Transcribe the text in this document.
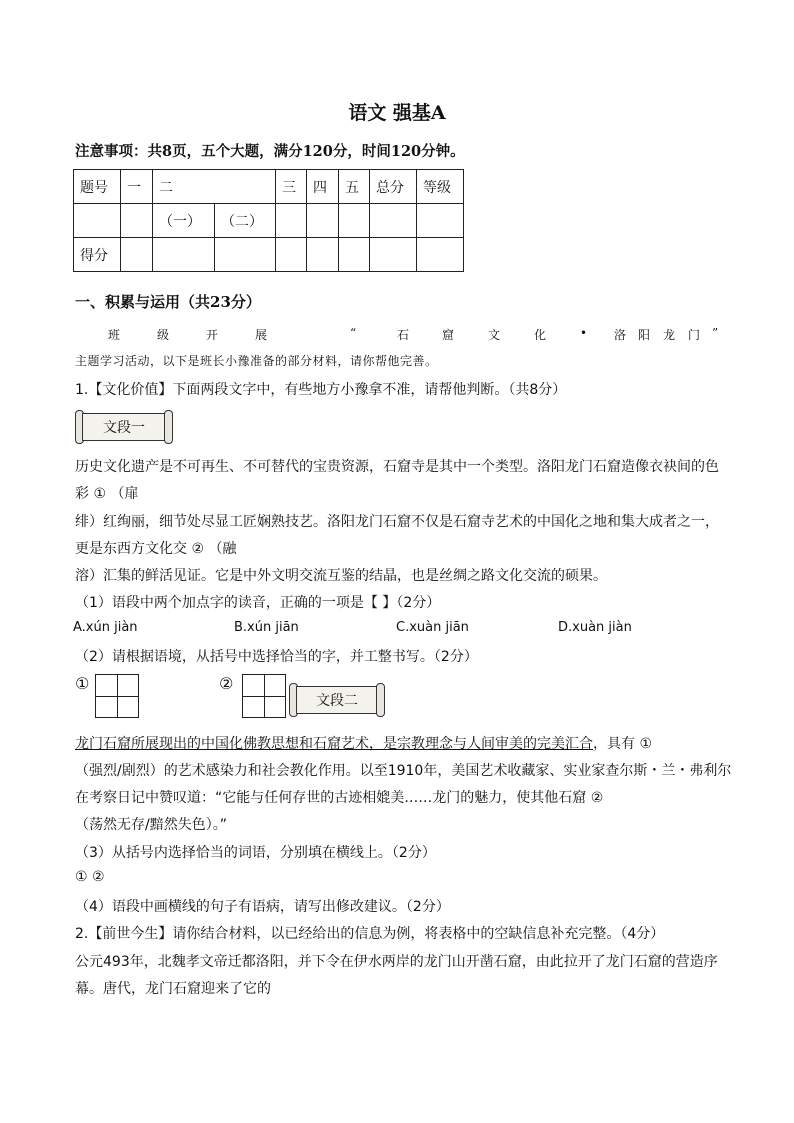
语文 强基A
注意事项：共8页，五个大题，满分120分，时间120分钟。
题号	一	二		三	四	五	总分	等级
		（一）	（二）					
得分								
一、积累与运用（共23分）
班	级	开	展	“	石	窟	文	化	• 洛 阳 龙 门 ”
主题学习活动，以下是班长小豫准备的部分材料，请你帮他完善。
1.【文化价值】下面两段文字中，有些地方小豫拿不准，请帮他判断。（共8分）
文段一
历史文化遗产是不可再生、不可替代的宝贵资源，石窟寺是其中一个类型。洛阳龙门石窟造像衣袂间的色
彩 ① （扉
绯）红绚丽，细节处尽显工匠娴熟技艺。洛阳龙门石窟不仅是石窟寺艺术的中国化之地和集大成者之一，
更是东西方文化交 ② （融
溶）汇集的鲜活见证。它是中外文明交流互鉴的结晶，也是丝绸之路文化交流的硕果。
（1）语段中两个加点字的读音，正确的一项是【 】（2分）
A.xún jiàn	B.xún jiān	C.xuàn jiān	D.xuàn jiàn
（2）请根据语境，从括号中选择恰当的字，并工整书写。（2分）
①	②
文段二
龙门石窟所展现出的中国化佛教思想和石窟艺术，是宗教理念与人间审美的完美汇合，具有 ①
（强烈/剧烈）的艺术感染力和社会教化作用。以至1910年，美国艺术收藏家、实业家查尔斯・兰・弗利尔
在考察日记中赞叹道：“它能与任何存世的古迹相媲美……龙门的魅力，使其他石窟 ②
（荡然无存/黯然失色）。”
（3）从括号内选择恰当的词语，分别填在横线上。（2分）
① ②
（4）语段中画横线的句子有语病，请写出修改建议。（2分）
2.【前世今生】请你结合材料，以已经给出的信息为例，将表格中的空缺信息补充完整。（4分）
公元493年，北魏孝文帝迁都洛阳，并下令在伊水两岸的龙门山开凿石窟，由此拉开了龙门石窟的营造序
幕。唐代，龙门石窟迎来了它的
